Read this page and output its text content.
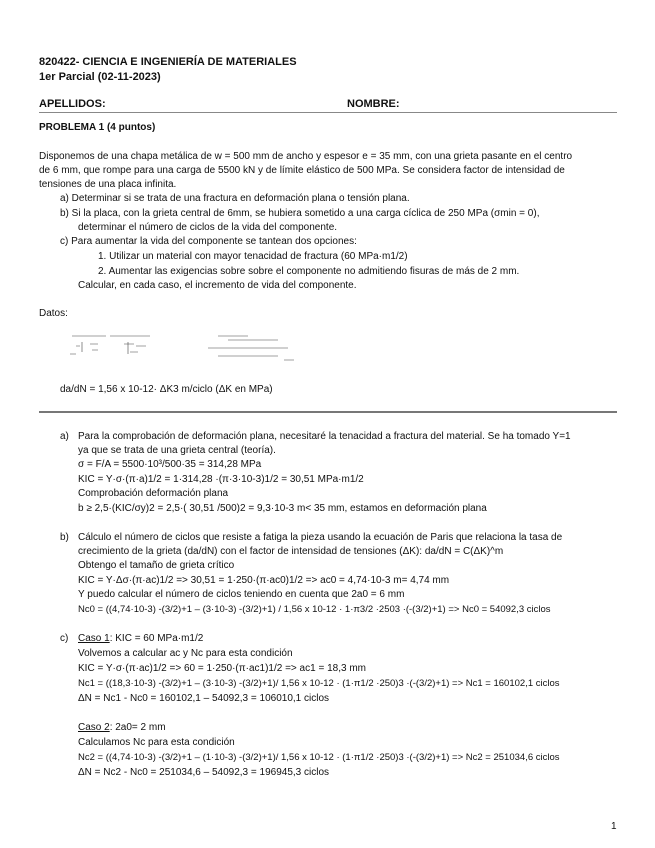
820422- CIENCIA E INGENIERÍA DE MATERIALES
1er Parcial (02-11-2023)
APELLIDOS:	NOMBRE:
PROBLEMA 1 (4 puntos)
Disponemos de una chapa metálica de w = 500 mm de ancho y espesor e = 35 mm, con una grieta pasante en el centro
de 6 mm, que rompe para una carga de 5500 kN y de límite elástico de 500 MPa. Se considera factor de intensidad de
tensiones de una placa infinita.
a) Determinar si se trata de una fractura en deformación plana o tensión plana.
b) Si la placa, con la grieta central de 6mm, se hubiera sometido a una carga cíclica de 250 MPa (σmin = 0),
determinar el número de ciclos de la vida del componente.
c) Para aumentar la vida del componente se tantean dos opciones:
1. Utilizar un material con mayor tenacidad de fractura (60 MPa·m1/2)
2. Aumentar las exigencias sobre sobre el componente no admitiendo fisuras de más de 2 mm.
Calcular, en cada caso, el incremento de vida del componente.
Datos:
da/dN = 1,56 x 10-12· ΔK3 m/ciclo (ΔK en MPa)
a) Para la comprobación de deformación plana, necesitaré la tenacidad a fractura del material. Se ha tomado Y=1
ya que se trata de una grieta central (teoría).
σ = F/A = 5500·10³/500·35 = 314,28 MPa
KIC = Y·σ·(π·a)1/2 = 1·314,28 ·(π·3·10-3)1/2 = 30,51 MPa·m1/2
Comprobación deformación plana
b ≥ 2,5·(KIC/σy)2 = 2,5·( 30,51 /500)2 = 9,3·10-3 m< 35 mm, estamos en deformación plana
b) Cálculo el número de ciclos que resiste a fatiga la pieza usando la ecuación de Paris que relaciona la tasa de
crecimiento de la grieta (da/dN) con el factor de intensidad de tensiones (ΔK): da/dN = C(ΔK)^m
Obtengo el tamaño de grieta crítico
KIC = Y·Δσ·(π·ac)1/2 => 30,51 = 1·250·(π·ac0)1/2 => ac0 = 4,74·10-3 m= 4,74 mm
Y puedo calcular el número de ciclos teniendo en cuenta que 2a0 = 6 mm
Nc0 = ((4,74·10-3) -(3/2)+1 – (3·10-3) -(3/2)+1) / 1,56 x 10-12 · 1·π3/2 ·2503 ·(-(3/2)+1) => Nc0 = 54092,3 ciclos
c) Caso 1: KIC = 60 MPa·m1/2
Volvemos a calcular ac y Nc para esta condición
KIC = Y·σ·(π·ac)1/2 => 60 = 1·250·(π·ac1)1/2 => ac1 = 18,3 mm
Nc1 = ((18,3·10-3) -(3/2)+1 – (3·10-3) -(3/2)+1)/ 1,56 x 10-12 · (1·π1/2 ·250)3 ·(-(3/2)+1) => Nc1 = 160102,1 ciclos
ΔN = Nc1 - Nc0 = 160102,1 – 54092,3 = 106010,1 ciclos
Caso 2: 2a0= 2 mm
Calculamos Nc para esta condición
Nc2 = ((4,74·10-3) -(3/2)+1 – (1·10-3) -(3/2)+1)/ 1,56 x 10-12 · (1·π1/2 ·250)3 ·(-(3/2)+1) => Nc2 = 251034,6 ciclos
ΔN = Nc2 - Nc0 = 251034,6 – 54092,3 = 196945,3 ciclos
1
